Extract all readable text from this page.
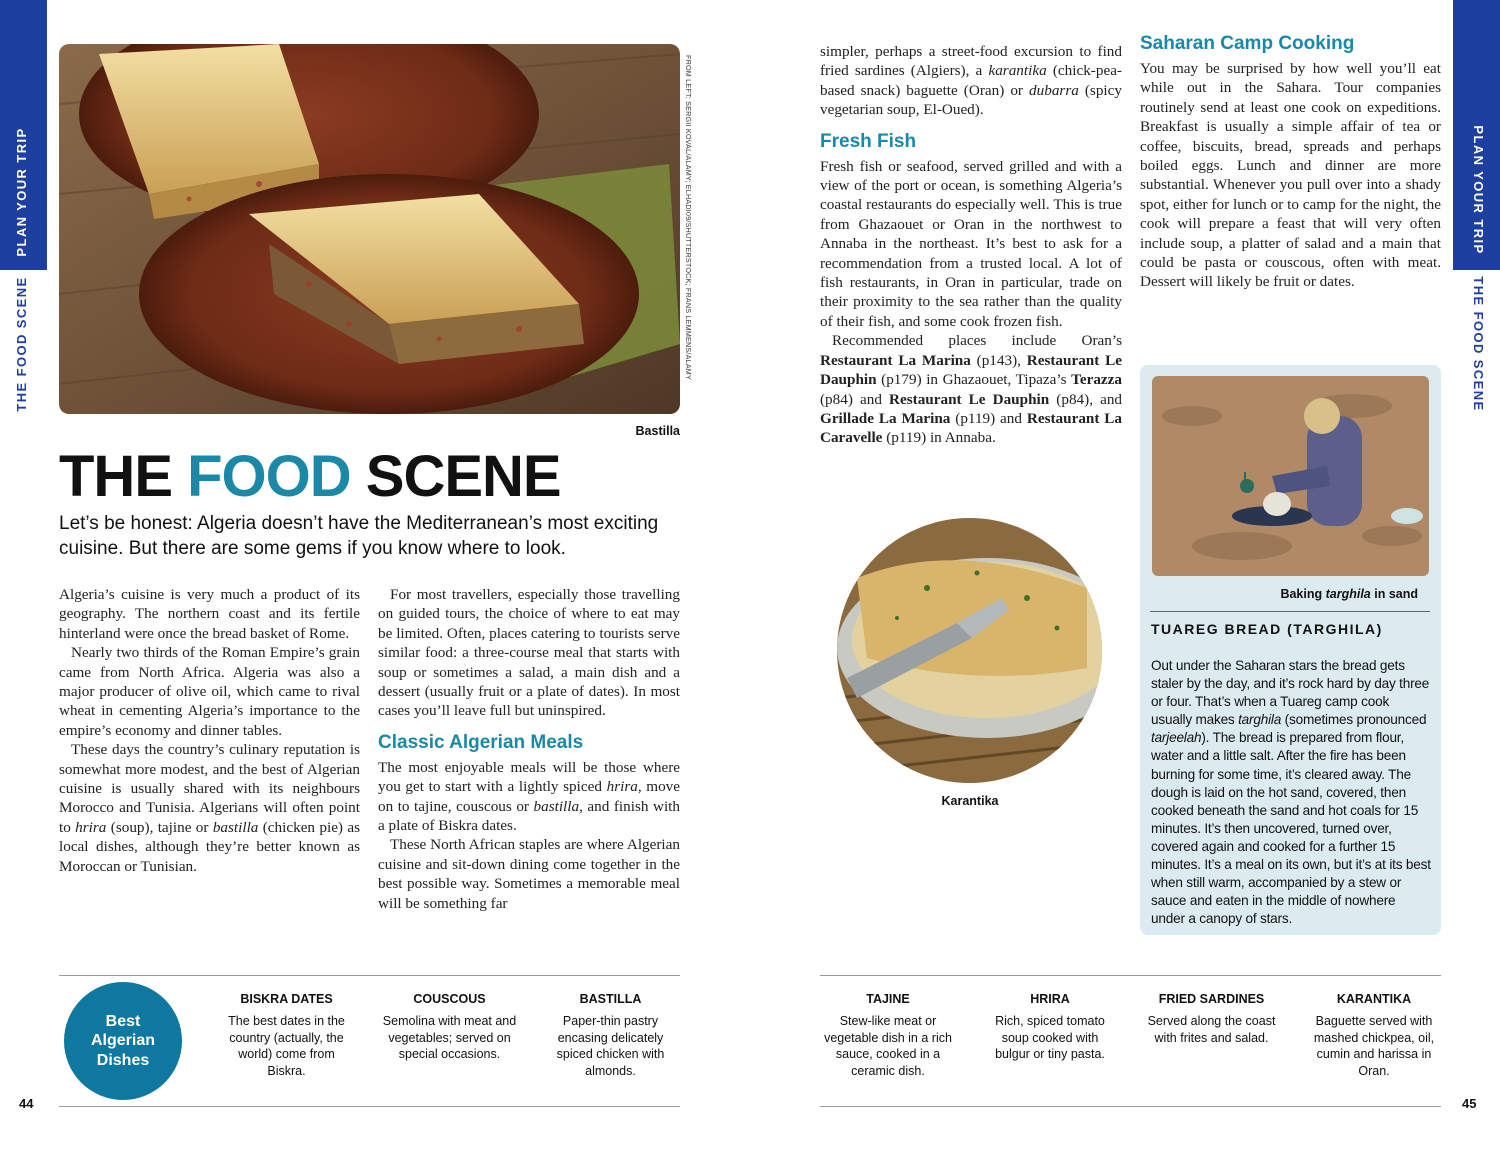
PLAN YOUR TRIP
THE FOOD SCENE
PLAN YOUR TRIP
THE FOOD SCENE
FROM LEFT: SERGII KOVAL/ALAMY; ELHADI09/SHUTTERSTOCK; FRANS LEMMENS/ALAMY
Bastilla
THE FOOD SCENE

Let’s be honest: Algeria doesn’t have the Mediterranean’s most exciting cuisine. But there are some gems if you know where to look.

Algeria’s cuisine is very much a product of its geography. The northern coast and its fertile hinterland were once the bread basket of Rome.

Nearly two thirds of the Roman Empire’s grain came from North Africa. Algeria was also a major producer of olive oil, which came to rival wheat in cementing Algeria’s importance to the empire’s economy and dinner tables.

These days the country’s culinary reputation is somewhat more modest, and the best of Algerian cuisine is usually shared with its neighbours Morocco and Tunisia. Algerians will often point to hrira (soup), tajine or bastilla (chicken pie) as local dishes, although they’re better known as Moroccan or Tunisian.

For most travellers, especially those travelling on guided tours, the choice of where to eat may be limited. Often, places catering to tourists serve similar food: a three-course meal that starts with soup or sometimes a salad, a main dish and a dessert (usually fruit or a plate of dates). In most cases you’ll leave full but uninspired.

Classic Algerian Meals

The most enjoyable meals will be those where you get to start with a lightly spiced hrira, move on to tajine, couscous or bastilla, and finish with a plate of Biskra dates.

These North African staples are where Algerian cuisine and sit-down dining come together in the best possible way. Sometimes a memorable meal will be something far

simpler, perhaps a street-food excursion to find fried sardines (Algiers), a karantika (chick-pea-based snack) baguette (Oran) or dubarra (spicy vegetarian soup, El-Oued).

Fresh Fish

Fresh fish or seafood, served grilled and with a view of the port or ocean, is something Algeria’s coastal restaurants do especially well. This is true from Ghazaouet or Oran in the northwest to Annaba in the northeast. It’s best to ask for a recommendation from a trusted local. A lot of fish restaurants, in Oran in particular, trade on their proximity to the sea rather than the quality of their fish, and some cook frozen fish.

Recommended places include Oran’s Restaurant La Marina (p143), Restaurant Le Dauphin (p179) in Ghazaouet, Tipaza’s Terazza (p84) and Restaurant Le Dauphin (p84), and Grillade La Marina (p119) and Restaurant La Caravelle (p119) in Annaba.

Karantika
Saharan Camp Cooking

You may be surprised by how well you’ll eat while out in the Sahara. Tour companies routinely send at least one cook on expeditions. Breakfast is usually a simple affair of tea or coffee, biscuits, bread, spreads and perhaps boiled eggs. Lunch and dinner are more substantial. Whenever you pull over into a shady spot, either for lunch or to camp for the night, the cook will prepare a feast that will very often include soup, a platter of salad and a main that could be pasta or couscous, often with meat. Dessert will likely be fruit or dates.

Baking targhila in sand
TUAREG BREAD (TARGHILA)

Out under the Saharan stars the bread gets staler by the day, and it’s rock hard by day three or four. That’s when a Tuareg camp cook usually makes targhila (sometimes pronounced tarjeelah). The bread is prepared from flour, water and a little salt. After the fire has been burning for some time, it’s cleared away. The dough is laid on the hot sand, covered, then cooked beneath the sand and hot coals for 15 minutes. It’s then uncovered, turned over, covered again and cooked for a further 15 minutes. It’s a meal on its own, but it’s at its best when still warm, accompanied by a stew or sauce and eaten in the middle of nowhere under a canopy of stars.

Best Algerian Dishes
BISKRA DATES
The best dates in the country (actually, the world) come from Biskra.
COUSCOUS
Semolina with meat and vegetables; served on special occasions.
BASTILLA
Paper-thin pastry encasing delicately spiced chicken with almonds.
TAJINE
Stew-like meat or vegetable dish in a rich sauce, cooked in a ceramic dish.
HRIRA
Rich, spiced tomato soup cooked with bulgur or tiny pasta.
FRIED SARDINES
Served along the coast with frites and salad.
KARANTIKA
Baguette served with mashed chickpea, oil, cumin and harissa in Oran.
44	45
